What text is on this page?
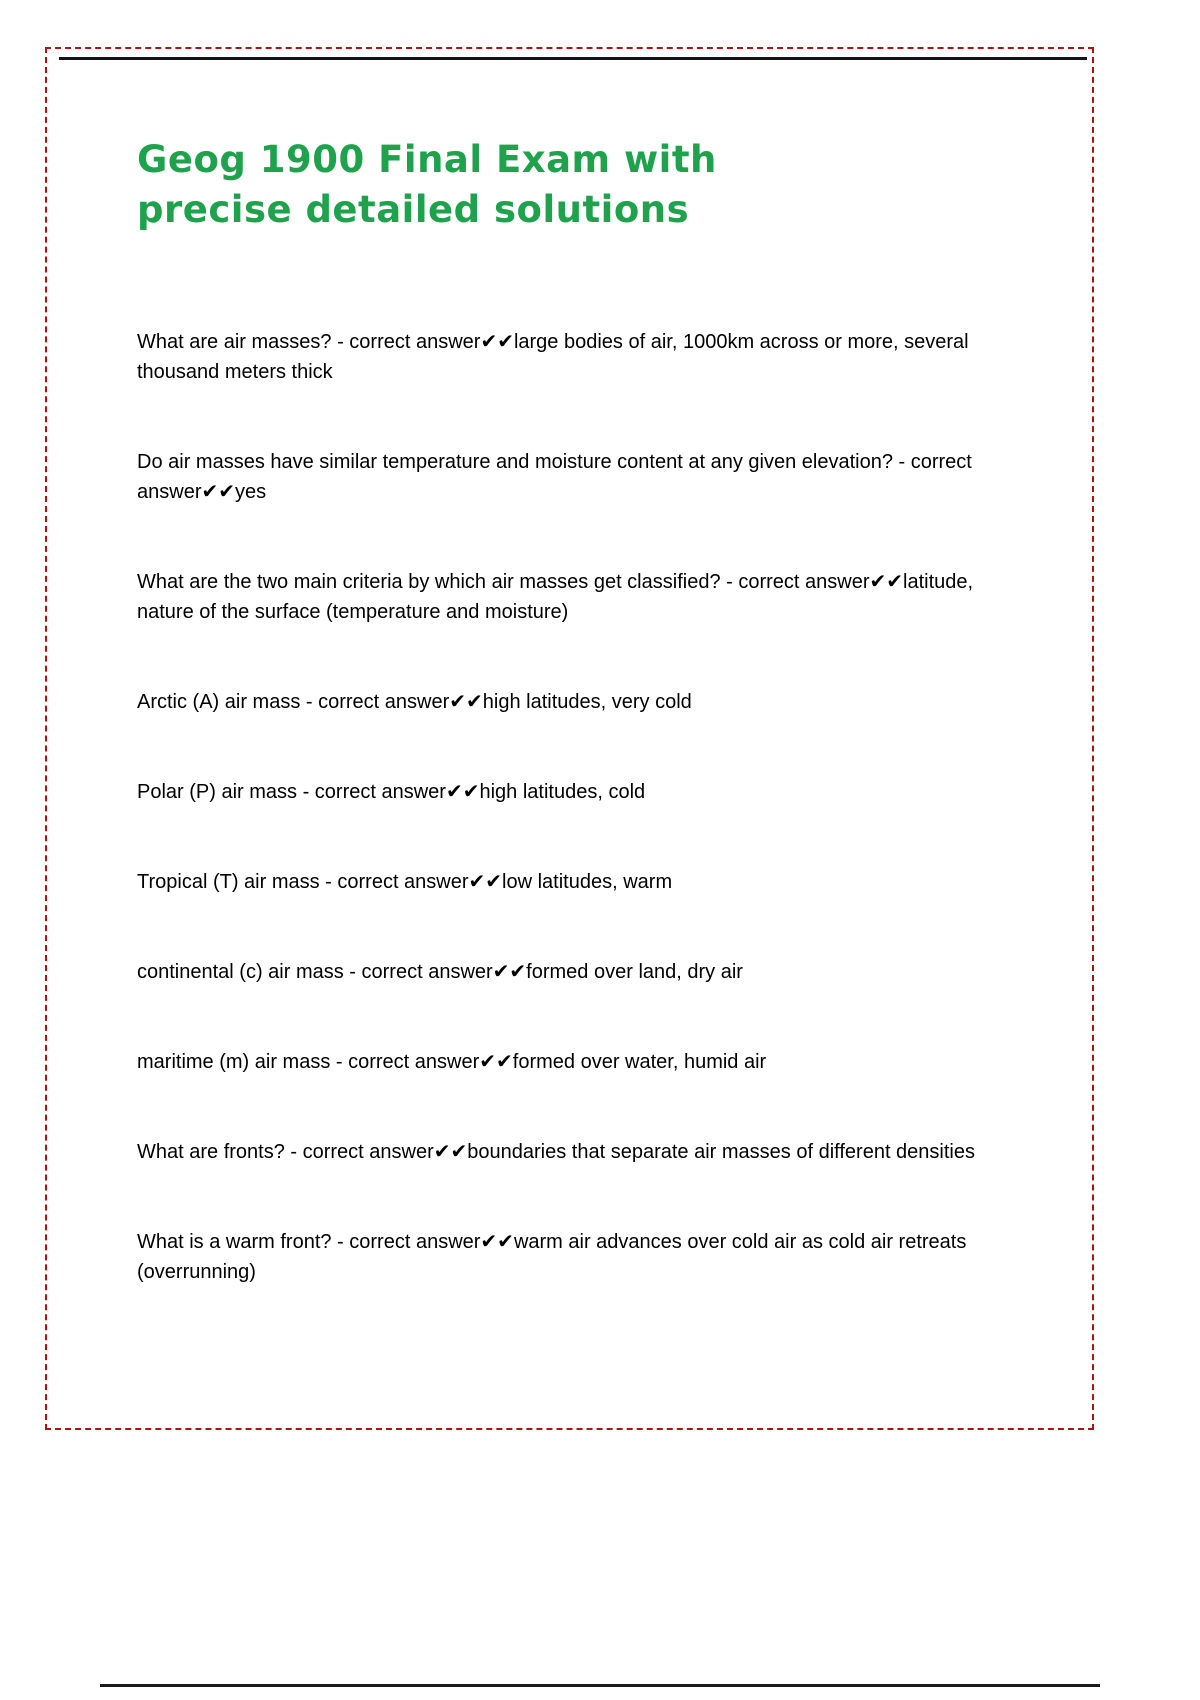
Geog 1900 Final Exam with precise detailed solutions

What are air masses? - correct answer✔✔large bodies of air, 1000km across or more, several thousand meters thick

Do air masses have similar temperature and moisture content at any given elevation? - correct answer✔✔yes

What are the two main criteria by which air masses get classified? - correct answer✔✔latitude, nature of the surface (temperature and moisture)

Arctic (A) air mass - correct answer✔✔high latitudes, very cold

Polar (P) air mass - correct answer✔✔high latitudes, cold

Tropical (T) air mass - correct answer✔✔low latitudes, warm

continental (c) air mass - correct answer✔✔formed over land, dry air

maritime (m) air mass - correct answer✔✔formed over water, humid air

What are fronts? - correct answer✔✔boundaries that separate air masses of different densities

What is a warm front? - correct answer✔✔warm air advances over cold air as cold air retreats (overrunning)
